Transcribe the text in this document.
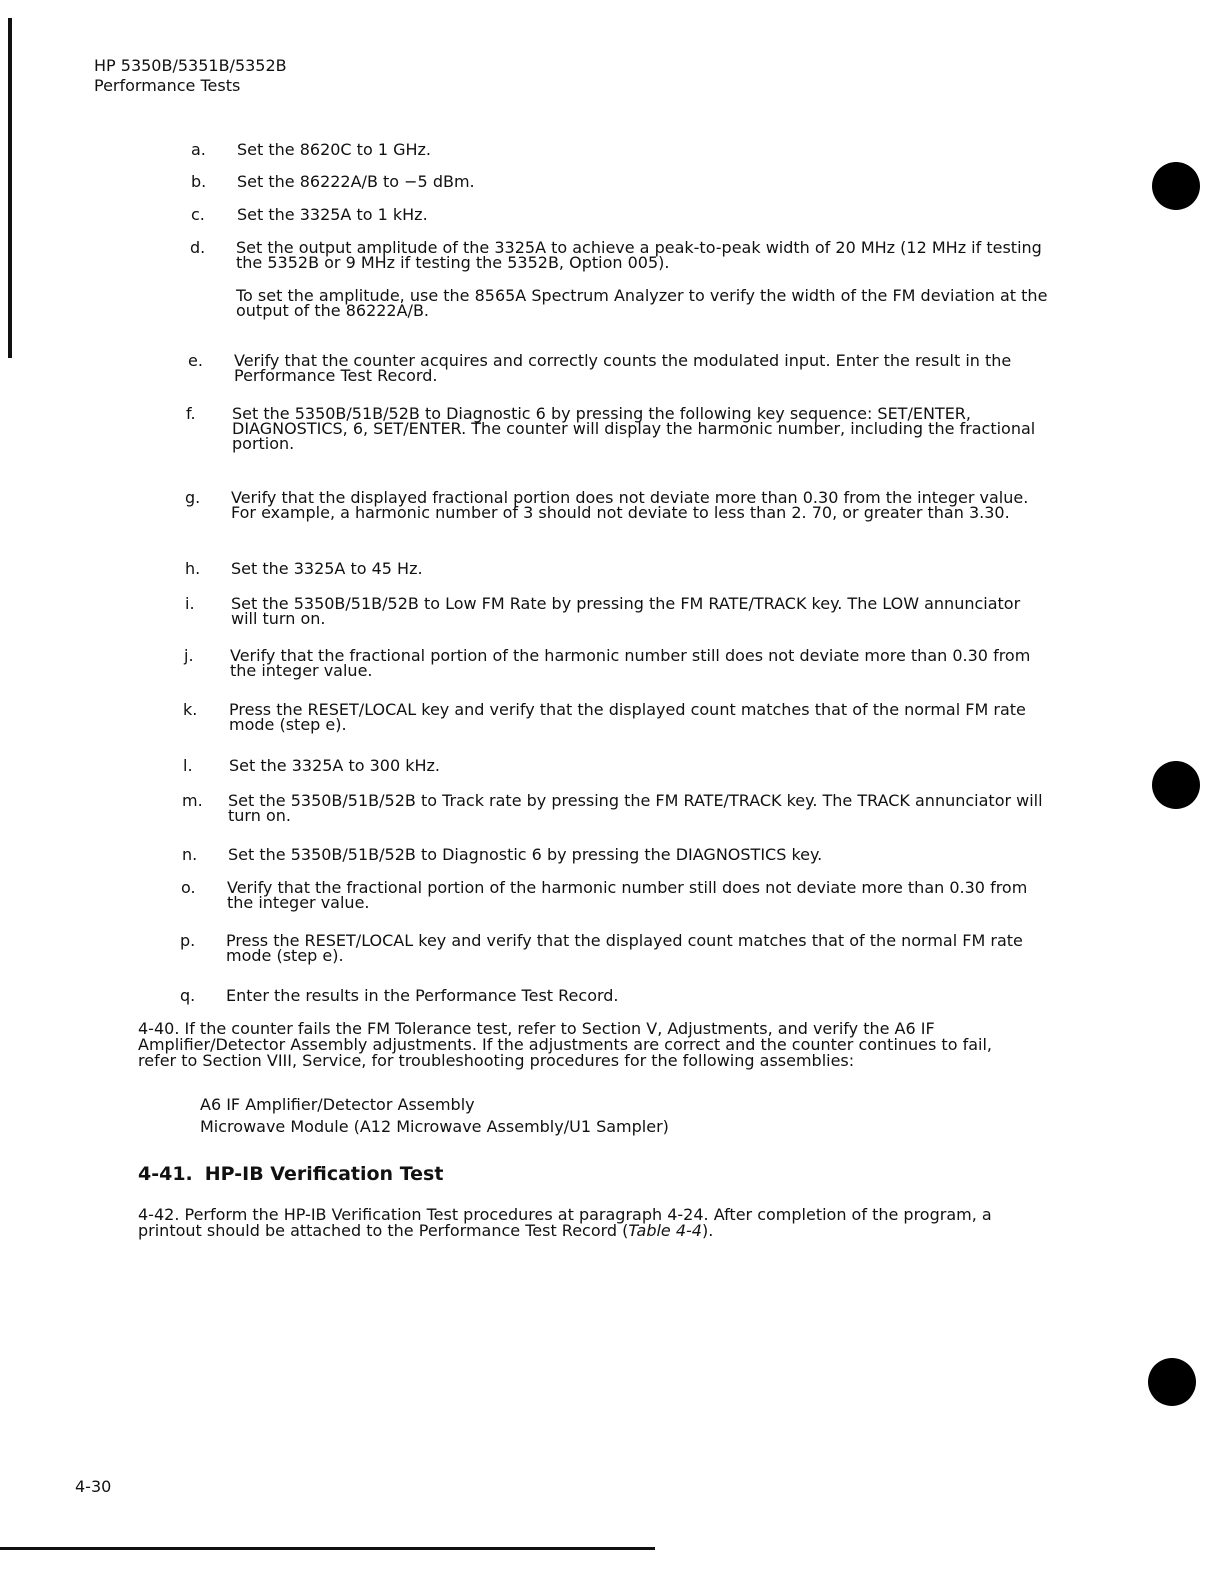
HP 5350B/5351B/5352B
Performance Tests
a. Set the 8620C to 1 GHz.

b. Set the 86222A/B to −5 dBm.

c. Set the 3325A to 1 kHz.

d. Set the output amplitude of the 3325A to achieve a peak-to-peak width of 20 MHz (12 MHz if testing the 5352B or 9 MHz if testing the 5352B, Option 005).

To set the amplitude, use the 8565A Spectrum Analyzer to verify the width of the FM deviation at the output of the 86222A/B.

e. Verify that the counter acquires and correctly counts the modulated input. Enter the result in the Performance Test Record.

f. Set the 5350B/51B/52B to Diagnostic 6 by pressing the following key sequence: SET/ENTER, DIAGNOSTICS, 6, SET/ENTER. The counter will display the harmonic number, including the fractional portion.

g. Verify that the displayed fractional portion does not deviate more than 0.30 from the integer value. For example, a harmonic number of 3 should not deviate to less than 2. 70, or greater than 3.30.

h. Set the 3325A to 45 Hz.

i. Set the 5350B/51B/52B to Low FM Rate by pressing the FM RATE/TRACK key. The LOW annunciator will turn on.

j. Verify that the fractional portion of the harmonic number still does not deviate more than 0.30 from the integer value.

k. Press the RESET/LOCAL key and verify that the displayed count matches that of the normal FM rate mode (step e).

l. Set the 3325A to 300 kHz.

m. Set the 5350B/51B/52B to Track rate by pressing the FM RATE/TRACK key. The TRACK annunciator will turn on.

n. Set the 5350B/51B/52B to Diagnostic 6 by pressing the DIAGNOSTICS key.

o. Verify that the fractional portion of the harmonic number still does not deviate more than 0.30 from the integer value.

p. Press the RESET/LOCAL key and verify that the displayed count matches that of the normal FM rate mode (step e).

q. Enter the results in the Performance Test Record.

4-40. If the counter fails the FM Tolerance test, refer to Section V, Adjustments, and verify the A6 IF Amplifier/Detector Assembly adjustments. If the adjustments are correct and the counter continues to fail, refer to Section VIII, Service, for troubleshooting procedures for the following assemblies:

A6 IF Amplifier/Detector Assembly
Microwave Module (A12 Microwave Assembly/U1 Sampler)
4-41. HP-IB Verification Test
4-42. Perform the HP-IB Verification Test procedures at paragraph 4-24. After completion of the program, a printout should be attached to the Performance Test Record (Table 4-4).
4-30
